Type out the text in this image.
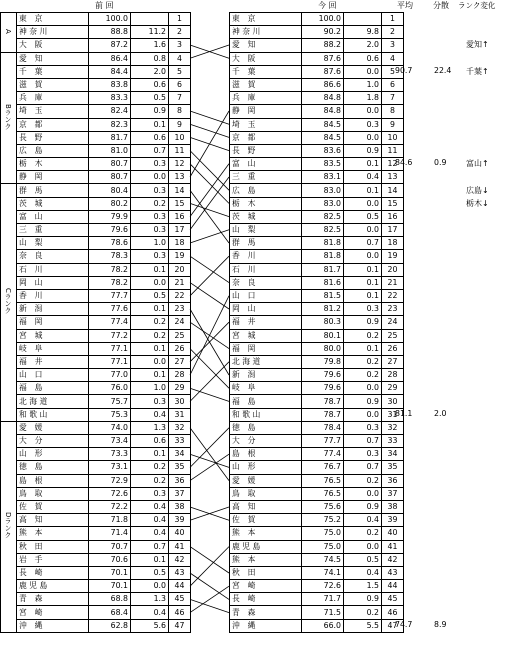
前 回	今 回	平均	分散 ランク変化
A	東　京	100.0		1
	神 奈 川	88.8	11.2	2
	大　阪	87.2	1.6	3
Bランク	愛　知	86.4	0.8	4
	千　葉	84.4	2.0	5
	滋　賀	83.8	0.6	6
	兵　庫	83.3	0.5	7
	埼　玉	82.4	0.9	8
	京　都	82.3	0.1	9
	長　野	81.7	0.6	10
	広　島	81.0	0.7	11
	栃　木	80.7	0.3	12
	静　岡	80.7	0.0	13
Cランク	群　馬	80.4	0.3	14
	茨　城	80.2	0.2	15
	富　山	79.9	0.3	16
	三　重	79.6	0.3	17
	山　梨	78.6	1.0	18
	奈　良	78.3	0.3	19
	石　川	78.2	0.1	20
	岡　山	78.2	0.0	21
	香　川	77.7	0.5	22
	新　潟	77.6	0.1	23
	福　岡	77.4	0.2	24
	宮　城	77.2	0.2	25
	岐　阜	77.1	0.1	26
	福　井	77.1	0.0	27
	山　口	77.0	0.1	28
	福　島	76.0	1.0	29
	北 海 道	75.7	0.3	30
	和 歌 山	75.3	0.4	31
Dランク	愛　媛	74.0	1.3	32
	大　分	73.4	0.6	33
	山　形	73.3	0.1	34
	徳　島	73.1	0.2	35
	島　根	72.9	0.2	36
	鳥　取	72.6	0.3	37
	佐　賀	72.2	0.4	38
	高　知	71.8	0.4	39
	熊　本	71.4	0.4	40
	秋　田	70.7	0.7	41
	岩　手	70.6	0.1	42
	長　崎	70.1	0.5	43
	鹿 児 島	70.1	0.0	44
	青　森	68.8	1.3	45
	宮　崎	68.4	0.4	46
	沖　縄	62.8	5.6	47
東　京	100.0		1
神 奈 川	90.2	9.8	2
愛　知	88.2	2.0	3
大　阪	87.6	0.6	4
千　葉	87.6	0.0	5
滋　賀	86.6	1.0	6
兵　庫	84.8	1.8	7
静　岡	84.8	0.0	8
埼　玉	84.5	0.3	9
京　都	84.5	0.0	10
長　野	83.6	0.9	11
富　山	83.5	0.1	12
三　重	83.1	0.4	13
広　島	83.0	0.1	14
栃　木	83.0	0.0	15
茨　城	82.5	0.5	16
山　梨	82.5	0.0	17
群　馬	81.8	0.7	18
香　川	81.8	0.0	19
石　川	81.7	0.1	20
奈　良	81.6	0.1	21
山　口	81.5	0.1	22
岡　山	81.2	0.3	23
福　井	80.3	0.9	24
宮　城	80.1	0.2	25
福　岡	80.0	0.1	26
北 海 道	79.8	0.2	27
新　潟	79.6	0.2	28
岐　阜	79.6	0.0	29
福　島	78.7	0.9	30
和 歌 山	78.7	0.0	31
徳　島	78.4	0.3	32
大　分	77.7	0.7	33
島　根	77.4	0.3	34
山　形	76.7	0.7	35
愛　媛	76.5	0.2	36
鳥　取	76.5	0.0	37
高　知	75.6	0.9	38
佐　賀	75.2	0.4	39
熊　本	75.0	0.2	40
鹿 児 島	75.0	0.0	41
熊　本	74.5	0.5	42
秋　田	74.1	0.4	43
宮　崎	72.6	1.5	44
長　崎	71.7	0.9	45
青　森	71.5	0.2	46
沖　縄	66.0	5.5	47
90.7	22.4
84.6	0.9
81.1	2.0
74.7	8.9
愛知↑
千葉↑
富山↑
広島↓
栃木↓
